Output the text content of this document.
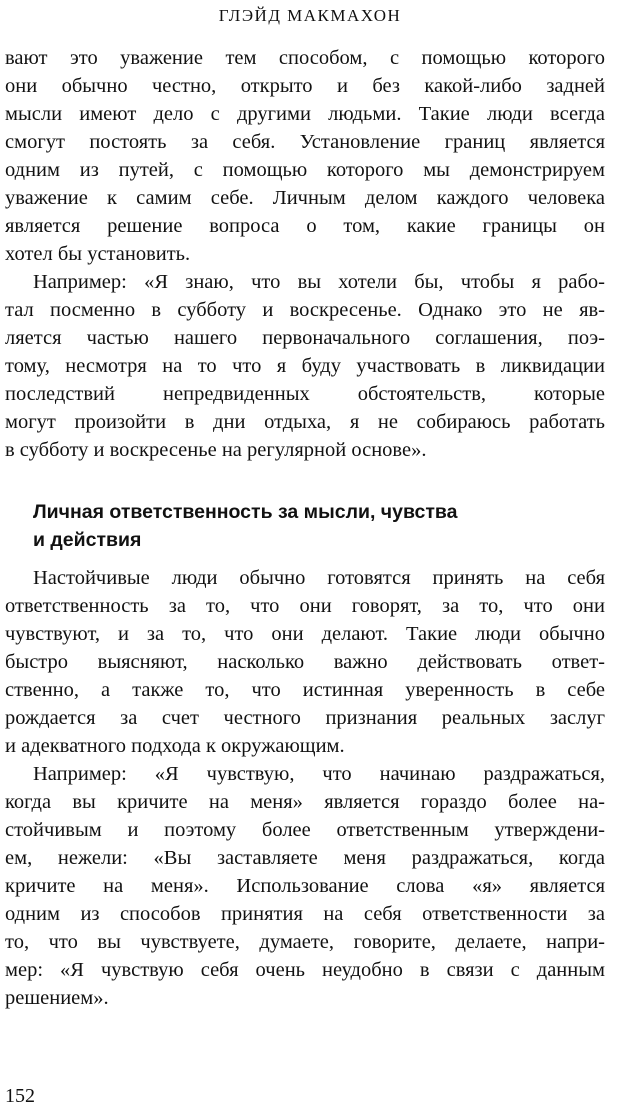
ГЛЭЙД МАКМАХОН
вают это уважение тем способом, с помощью которого
они обычно честно, открыто и без какой-либо задней
мысли имеют дело с другими людьми. Такие люди всегда
смогут постоять за себя. Установление границ является
одним из путей, с помощью которого мы демонстрируем
уважение к самим себе. Личным делом каждого человека
является решение вопроса о том, какие границы он
хотел бы установить.
Например: «Я знаю, что вы хотели бы, чтобы я рабо-
тал посменно в субботу и воскресенье. Однако это не яв-
ляется частью нашего первоначального соглашения, поэ-
тому, несмотря на то что я буду участвовать в ликвидации
последствий непредвиденных обстоятельств, которые
могут произойти в дни отдыха, я не собираюсь работать
в субботу и воскресенье на регулярной основе».
Личная ответственность за мысли, чувства
и действия
Настойчивые люди обычно готовятся принять на себя
ответственность за то, что они говорят, за то, что они
чувствуют, и за то, что они делают. Такие люди обычно
быстро выясняют, насколько важно действовать ответ-
ственно, а также то, что истинная уверенность в себе
рождается за счет честного признания реальных заслуг
и адекватного подхода к окружающим.
Например: «Я чувствую, что начинаю раздражаться,
когда вы кричите на меня» является гораздо более на-
стойчивым и поэтому более ответственным утверждени-
ем, нежели: «Вы заставляете меня раздражаться, когда
кричите на меня». Использование слова «я» является
одним из способов принятия на себя ответственности за
то, что вы чувствуете, думаете, говорите, делаете, напри-
мер: «Я чувствую себя очень неудобно в связи с данным
решением».
152
